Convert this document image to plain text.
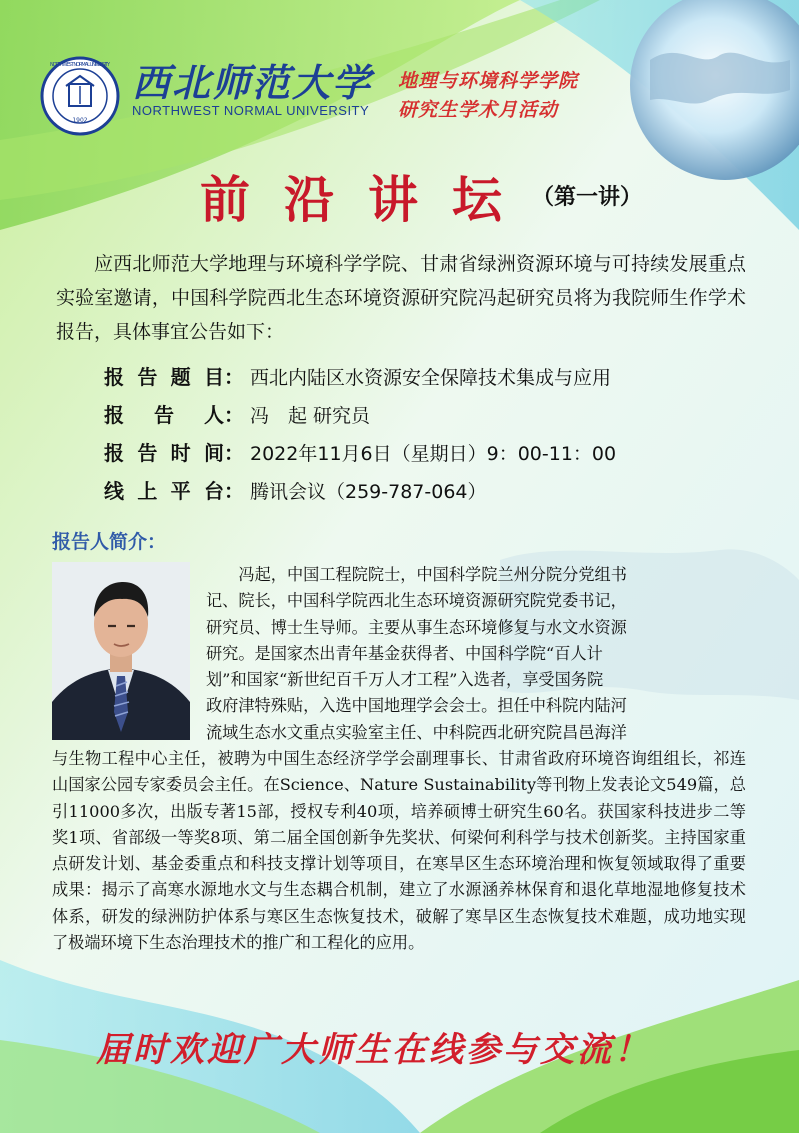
1902
NORTHWEST NORMAL UNIVERSITY 西北师范大学
NORTHWEST NORMAL UNIVERSITY
地理与环境科学学院
研究生学术月活动
前沿讲坛
（第一讲）
应西北师范大学地理与环境科学学院、甘肃省绿洲资源环境与可持续发展重点实验室邀请，中国科学院西北生态环境资源研究院冯起研究员将为我院师生作学术报告，具体事宜公告如下：
报告题目： 西北内陆区水资源安全保障技术集成与应用
报告人： 冯　起 研究员
报告时间： 2022年11月6日（星期日）9：00-11：00
线上平台： 腾讯会议（259-787-064）
报告人简介：
冯起，中国工程院院士，中国科学院兰州分院分党组书
记、院长，中国科学院西北生态环境资源研究院党委书记，
研究员、博士生导师。主要从事生态环境修复与水文水资源
研究。是国家杰出青年基金获得者、中国科学院“百人计
划”和国家“新世纪百千万人才工程”入选者，享受国务院
政府津特殊贴，入选中国地理学会会士。担任中科院内陆河
流域生态水文重点实验室主任、中科院西北研究院昌邑海洋
与生物工程中心主任，被聘为中国生态经济学学会副理事长、甘肃省政府环境咨询组组长，祁连山国家公园专家委员会主任。在Science、Nature Sustainability等刊物上发表论文549篇，总引11000多次，出版专著15部，授权专利40项，培养硕博士研究生60名。获国家科技进步二等奖1项、省部级一等奖8项、第二届全国创新争先奖状、何梁何利科学与技术创新奖。主持国家重点研发计划、基金委重点和科技支撑计划等项目，在寒旱区生态环境治理和恢复领域取得了重要成果：揭示了高寒水源地水文与生态耦合机制，建立了水源涵养林保育和退化草地湿地修复技术体系，研发的绿洲防护体系与寒区生态恢复技术，破解了寒旱区生态恢复技术难题，成功地实现了极端环境下生态治理技术的推广和工程化的应用。
届时欢迎广大师生在线参与交流！
